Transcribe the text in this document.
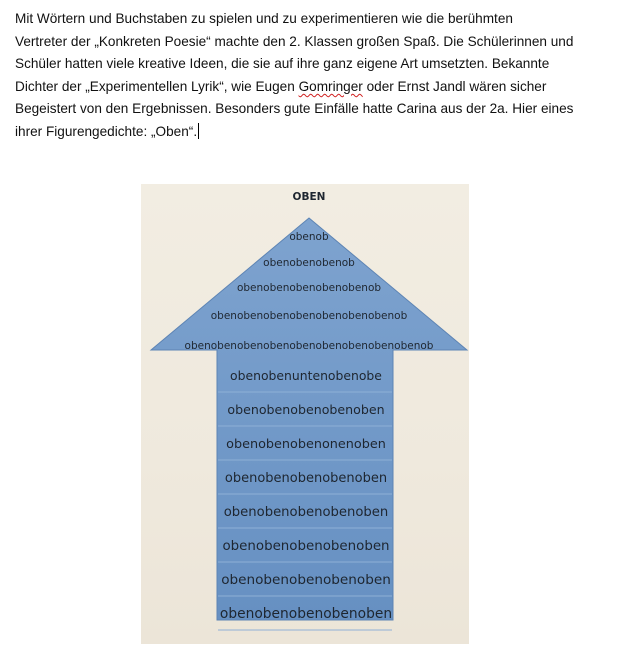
Mit Wörtern und Buchstaben zu spielen und zu experimentieren wie die berühmten
Vertreter der „Konkreten Poesie“ machte den 2. Klassen großen Spaß. Die Schülerinnen und
Schüler hatten viele kreative Ideen, die sie auf ihre ganz eigene Art umsetzten. Bekannte
Dichter der „Experimentellen Lyrik“, wie Eugen Gomringer oder Ernst Jandl wären sicher
Begeistert von den Ergebnissen. Besonders gute Einfälle hatte Carina aus der 2a. Hier eines
ihrer Figurengedichte: „Oben“.
OBEN
obenob
obenobenobenob
obenobenobenobenobenob
obenobenobenobenobenobenobenob
obenobenobenobenobenobenobenobenobenob
obenobenuntenobenobe
obenobenobenobenoben
obenobenobenonenoben
obenobenobenobenoben
obenobenobenobenoben
obenobenobenobenoben
obenobenobenobenoben
obenobenobenobenoben
